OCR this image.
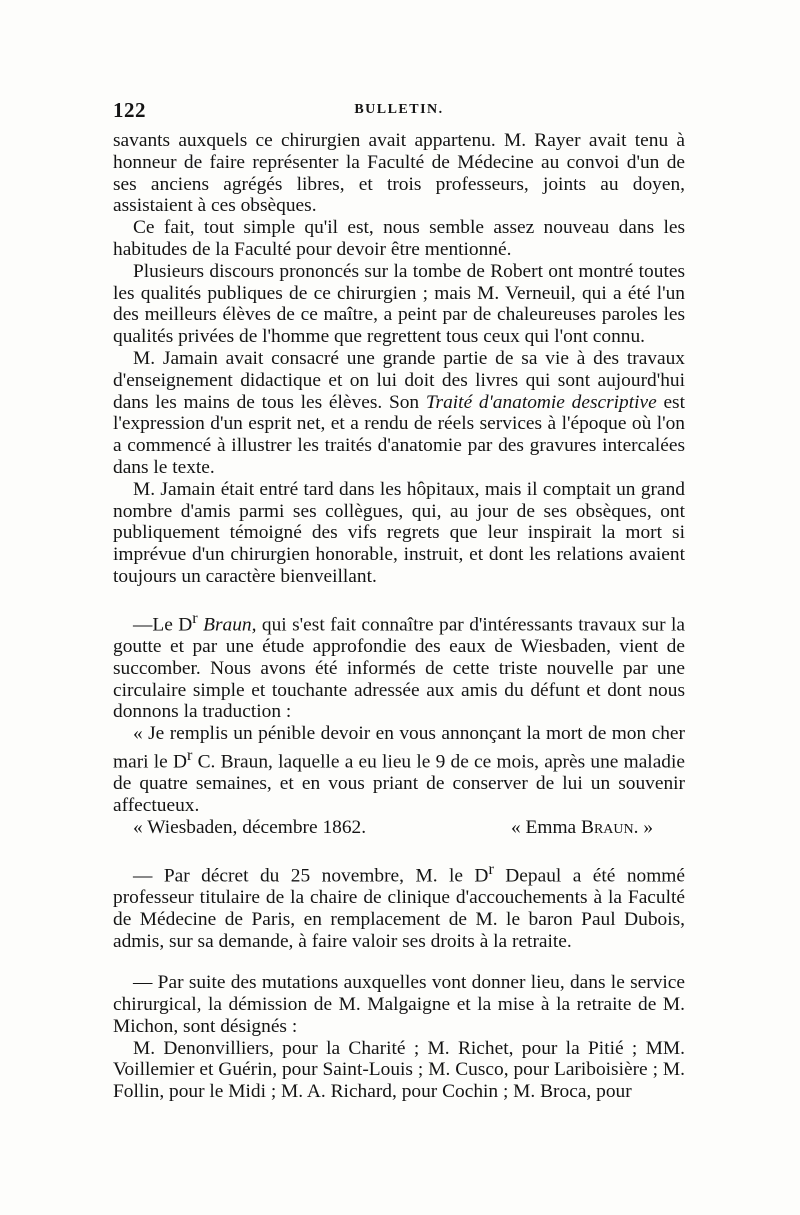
122	BULLETIN.

savants auxquels ce chirurgien avait appartenu. M. Rayer avait tenu à honneur de faire représenter la Faculté de Médecine au convoi d'un de ses anciens agrégés libres, et trois professeurs, joints au doyen, assistaient à ces obsèques.

Ce fait, tout simple qu'il est, nous semble assez nouveau dans les habitudes de la Faculté pour devoir être mentionné.

Plusieurs discours prononcés sur la tombe de Robert ont montré toutes les qualités publiques de ce chirurgien ; mais M. Verneuil, qui a été l'un des meilleurs élèves de ce maître, a peint par de chaleureuses paroles les qualités privées de l'homme que regrettent tous ceux qui l'ont connu.

M. Jamain avait consacré une grande partie de sa vie à des travaux d'enseignement didactique et on lui doit des livres qui sont aujourd'hui dans les mains de tous les élèves. Son Traité d'anatomie descriptive est l'expression d'un esprit net, et a rendu de réels services à l'époque où l'on a commencé à illustrer les traités d'anatomie par des gravures intercalées dans le texte.

M. Jamain était entré tard dans les hôpitaux, mais il comptait un grand nombre d'amis parmi ses collègues, qui, au jour de ses obsèques, ont publiquement témoigné des vifs regrets que leur inspirait la mort si imprévue d'un chirurgien honorable, instruit, et dont les relations avaient toujours un caractère bienveillant.

—Le $D^r$ Braun, qui s'est fait connaître par d'intéressants travaux sur la goutte et par une étude approfondie des eaux de Wiesbaden, vient de succomber. Nous avons été informés de cette triste nouvelle par une circulaire simple et touchante adressée aux amis du défunt et dont nous donnons la traduction :

« Je remplis un pénible devoir en vous annonçant la mort de mon cher mari le $D^r$ C. Braun, laquelle a eu lieu le 9 de ce mois, après une maladie de quatre semaines, et en vous priant de conserver de lui un souvenir affectueux.

« Wiesbaden, décembre 1862.	« Emma Braun. »

— Par décret du 25 novembre, M. le $D^r$ Depaul a été nommé professeur titulaire de la chaire de clinique d'accouchements à la Faculté de Médecine de Paris, en remplacement de M. le baron Paul Dubois, admis, sur sa demande, à faire valoir ses droits à la retraite.

— Par suite des mutations auxquelles vont donner lieu, dans le service chirurgical, la démission de M. Malgaigne et la mise à la retraite de M. Michon, sont désignés :

M. Denonvilliers, pour la Charité ; M. Richet, pour la Pitié ; MM. Voillemier et Guérin, pour Saint-Louis ; M. Cusco, pour Lariboisière ; M. Follin, pour le Midi ; M. A. Richard, pour Cochin ; M. Broca, pour
